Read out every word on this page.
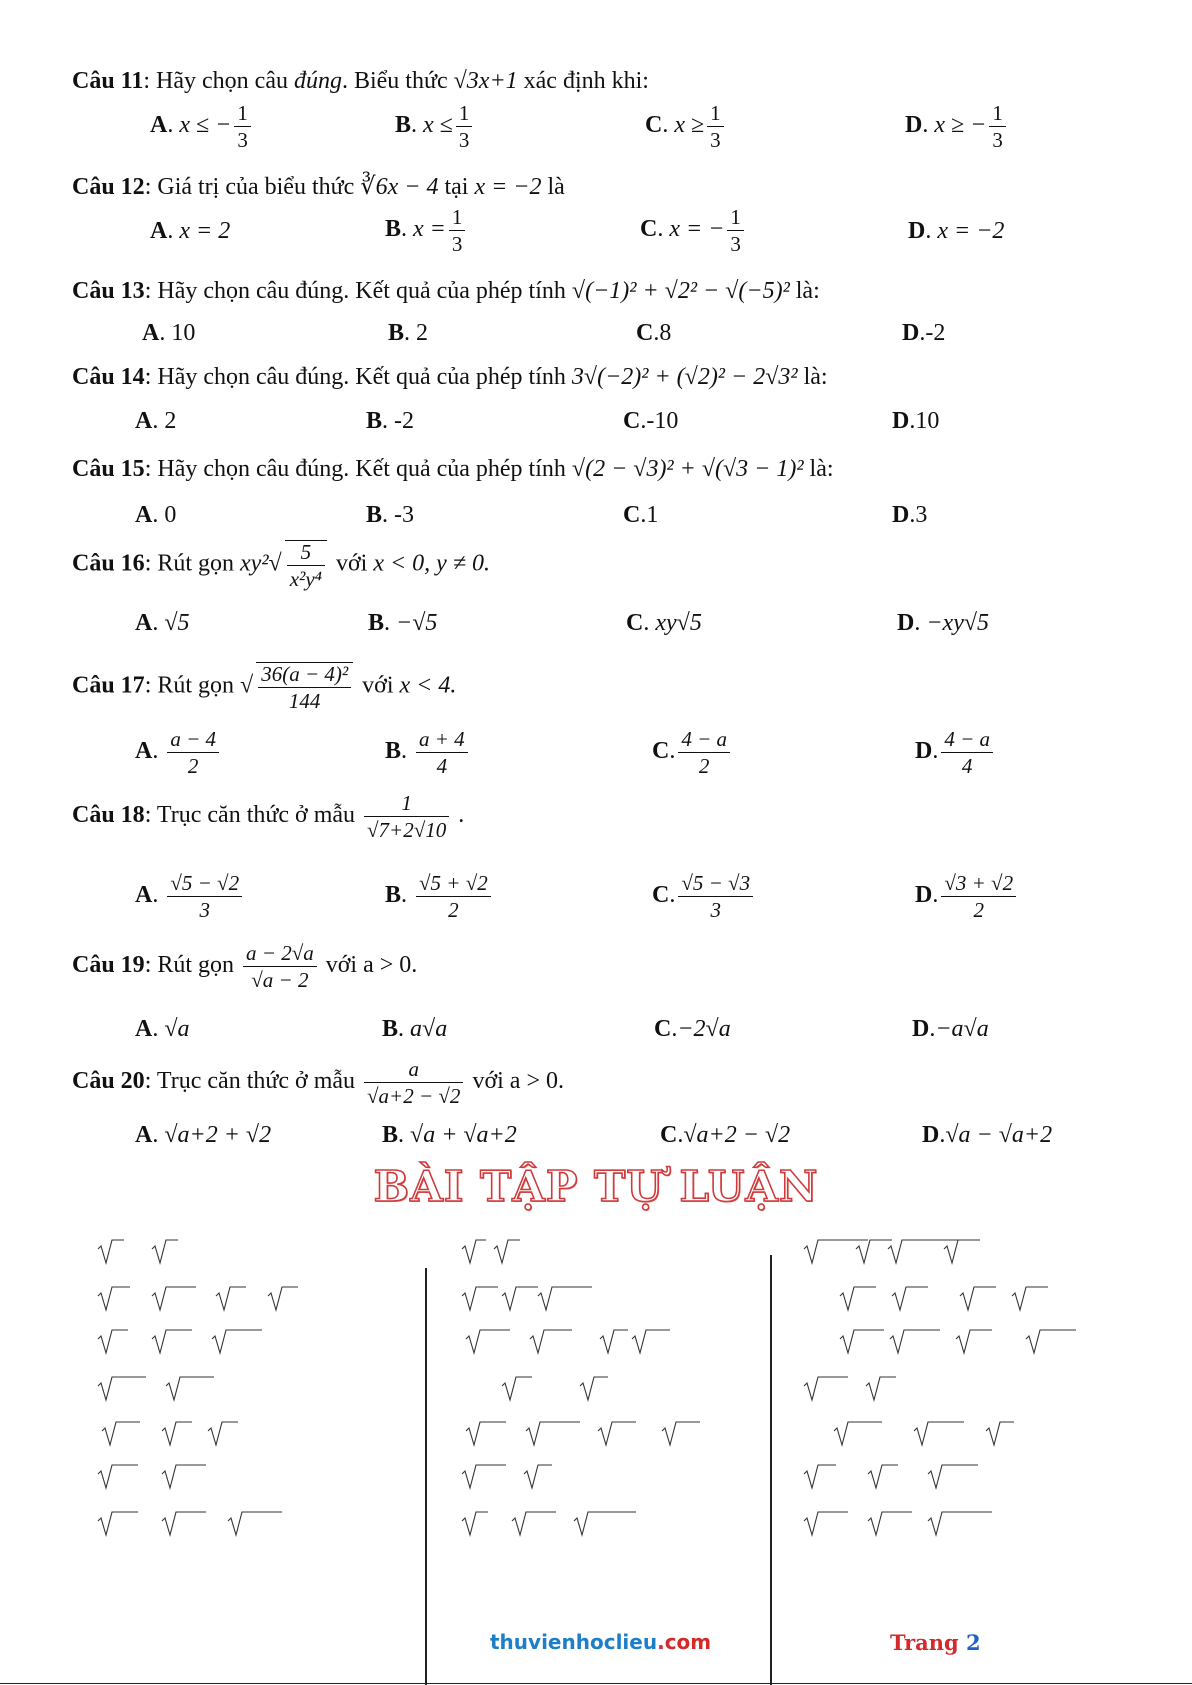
Câu 11: Hãy chọn câu đúng. Biểu thức √3x+1 xác định khi:
A. x ≤ − $\frac{1}{3}$	B. $x \le \frac{1}{3}$	C. $x \ge \frac{1}{3}$	D. x ≥ − $\frac{1}{3}$
Câu 12: Giá trị của biểu thức ∛6x − 4 tại x = −2 là
A. x = 2	B. $x = \frac{1}{3}$	C. x = − $\frac{1}{3}$	D. x = −2
Câu 13: Hãy chọn câu đúng. Kết quả của phép tính √(−1)² + √2² − √(−5)² là:
A. 10	B. 2	C.8	D.-2
Câu 14: Hãy chọn câu đúng. Kết quả của phép tính 3√(−2)² + (√2)² − 2√3² là:
A. 2	B. -2	C.-10	D.10
Câu 15: Hãy chọn câu đúng. Kết quả của phép tính √(2 − √3)² + √(√3 − 1)² là:
A. 0	B. -3	C.1	D.3
Câu 16: Rút gọn $xy^2√ \frac{5}{\text{x²y⁴}}$ với x < 0, y ≠ 0.
A. √5	B. −√5	C. xy√5	D. −xy√5
Câu 17: Rút gọn √ $\frac{\text{36(a − 4)²}}{144}$ với x < 4.
A. $\frac{a - 4}{2}$	B. $\frac{a + 4}{4}$	C. $\frac{4 - a}{2}$	D. $\frac{4 - a}{4}$
Câu 18: Trục căn thức ở mẫu $\frac{1}{√7+2√10}$ .
A. $\frac{√5 - √2}{3}$	B. $\frac{√5 + √2}{2}$	C. $\frac{√5 - √3}{3}$	D. $\frac{√3 + √2}{2}$
Câu 19: Rút gọn $\frac{a - 2√a}{√a - 2}$ với a > 0.
A. √a	B. a√a	C.−2√a	D.−a√a
Câu 20: Trục căn thức ở mẫu $\frac{a}{√a+2 - √2}$ với a > 0.
A. √a+2 + √2	B. √a + √a+2	C.√a+2 − √2	D.√a − √a+2
BÀI TẬP TỰ LUẬN
thuvienhoclieu.com	Trang 2
